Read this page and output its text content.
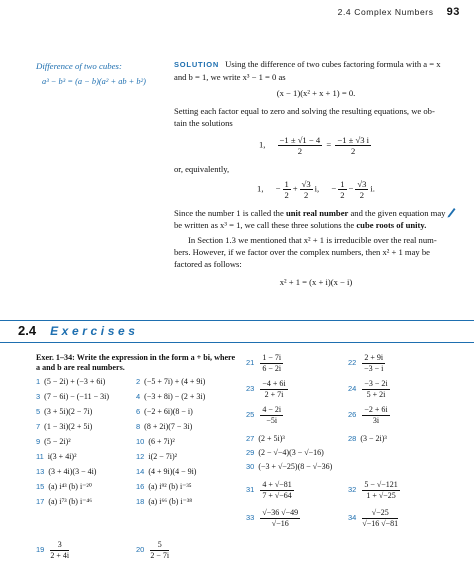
2.4 Complex Numbers 93
Difference of two cubes:
a³ − b³ = (a − b)(a² + ab + b²)
SOLUTION Using the difference of two cubes factoring formula with a = x
and b = 1, we write x³ − 1 = 0 as
(x − 1)(x² + x + 1) = 0.
Setting each factor equal to zero and solving the resulting equations, we ob-
tain the solutions
1, $\frac{-1 \pm √1 - 4}{2} = \frac{-1 \pm √3 i}{2}$
or, equivalently,
1, − $\frac{1}{2} + \frac{√3}{2} i$, − $\frac{1}{2} - \frac{√3}{2} i$.
Since the number 1 is called the unit real number and the given equation may
be written as x³ = 1, we call these three solutions the cube roots of unity.
In Section 1.3 we mentioned that x² + 1 is irreducible over the real num-
bers. However, if we factor over the complex numbers, then x² + 1 may be
factored as follows:
x² + 1 = (x + i)(x − i)
2.4 Exercises
Exer. 1–34: Write the expression in the form a + bi, where a and b are real numbers.
1 (5 − 2i) + (−3 + 6i)	2 (−5 + 7i) + (4 + 9i)
3 (7 − 6i) − (−11 − 3i)	4 (−3 + 8i) − (2 + 3i)
5 (3 + 5i)(2 − 7i)	6 (−2 + 6i)(8 − i)
7 (1 − 3i)(2 + 5i)	8 (8 + 2i)(7 − 3i)
9 (5 − 2i)²	10 (6 + 7i)²
11 i(3 + 4i)²	12 i(2 − 7i)²
13 (3 + 4i)(3 − 4i)	14 (4 + 9i)(4 − 9i)
15 (a) i⁴³ (b) i⁻²⁰	16 (a) i⁹² (b) i⁻³⁵
17 (a) i⁷³ (b) i⁻⁴⁶	18 (a) i⁶⁶ (b) i⁻³⁸
$19 \frac{3}{2 + 4i}$	$20 \frac{5}{2 - 7i}$
$21 \frac{1 - 7i}{6 - 2i}$	$22 \frac{2 + 9i}{-3 - i}$
$23 \frac{-4 + 6i}{2 + 7i}$	$24 \frac{-3 - 2i}{5 + 2i}$
$25 \frac{4 - 2i}{-5i}$	$26 \frac{-2 + 6i}{3i}$
27 (2 + 5i)³	28 (3 − 2i)³
29 (2 − √−4)(3 − √−16)
30 (−3 + √−25)(8 − √−36)
$31 \frac{4 + √-81}{7 + √-64}$	$32 \frac{5 - √-121}{1 + √-25}$
$33 \frac{√-36 √-49}{√-16}$	$34 \frac{√-25}{√-16 √-81}$
